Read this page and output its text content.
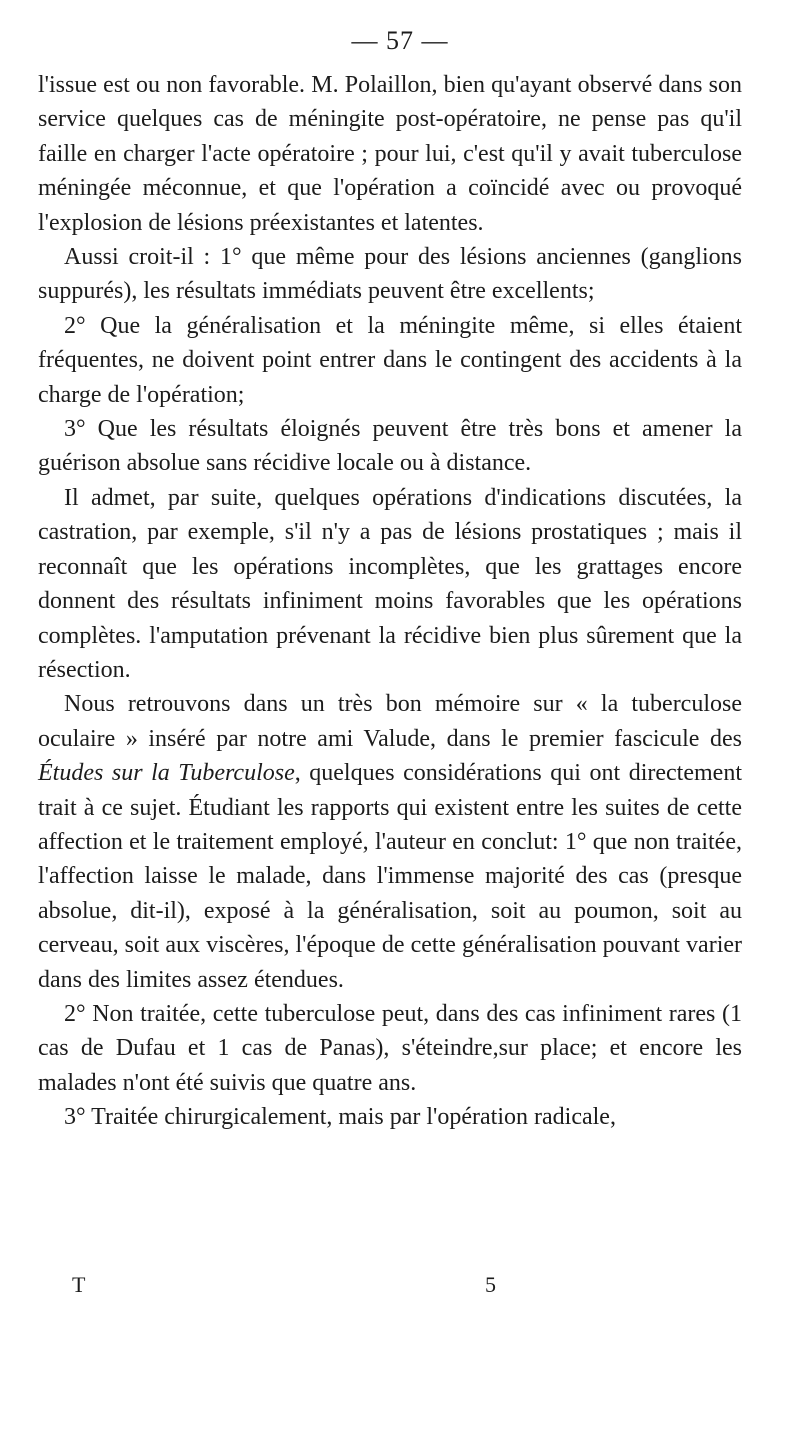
— 57 —

l'issue est ou non favorable. M. Polaillon, bien qu'ayant observé dans son service quelques cas de méningite post-opératoire, ne pense pas qu'il faille en charger l'acte opératoire ; pour lui, c'est qu'il y avait tuberculose méningée méconnue, et que l'opération a coïncidé avec ou provoqué l'explosion de lésions préexistantes et latentes.

Aussi croit-il : 1° que même pour des lésions anciennes (ganglions suppurés), les résultats immédiats peuvent être excellents;

2° Que la généralisation et la méningite même, si elles étaient fréquentes, ne doivent point entrer dans le contingent des accidents à la charge de l'opération;

3° Que les résultats éloignés peuvent être très bons et amener la guérison absolue sans récidive locale ou à distance.

Il admet, par suite, quelques opérations d'indications discutées, la castration, par exemple, s'il n'y a pas de lésions prostatiques ; mais il reconnaît que les opérations incomplètes, que les grattages encore donnent des résultats infiniment moins favorables que les opérations complètes. l'amputation prévenant la récidive bien plus sûrement que la résection.

Nous retrouvons dans un très bon mémoire sur « la tuberculose oculaire » inséré par notre ami Valude, dans le premier fascicule des Études sur la Tuberculose, quelques considérations qui ont directement trait à ce sujet. Étudiant les rapports qui existent entre les suites de cette affection et le traitement employé, l'auteur en conclut: 1° que non traitée, l'affection laisse le malade, dans l'immense majorité des cas (presque absolue, dit-il), exposé à la généralisation, soit au poumon, soit au cerveau, soit aux viscères, l'époque de cette généralisation pouvant varier dans des limites assez étendues.

2° Non traitée, cette tuberculose peut, dans des cas infiniment rares (1 cas de Dufau et 1 cas de Panas), s'éteindre,sur place; et encore les malades n'ont été suivis que quatre ans.

3° Traitée chirurgicalement, mais par l'opération radicale,

T	5
